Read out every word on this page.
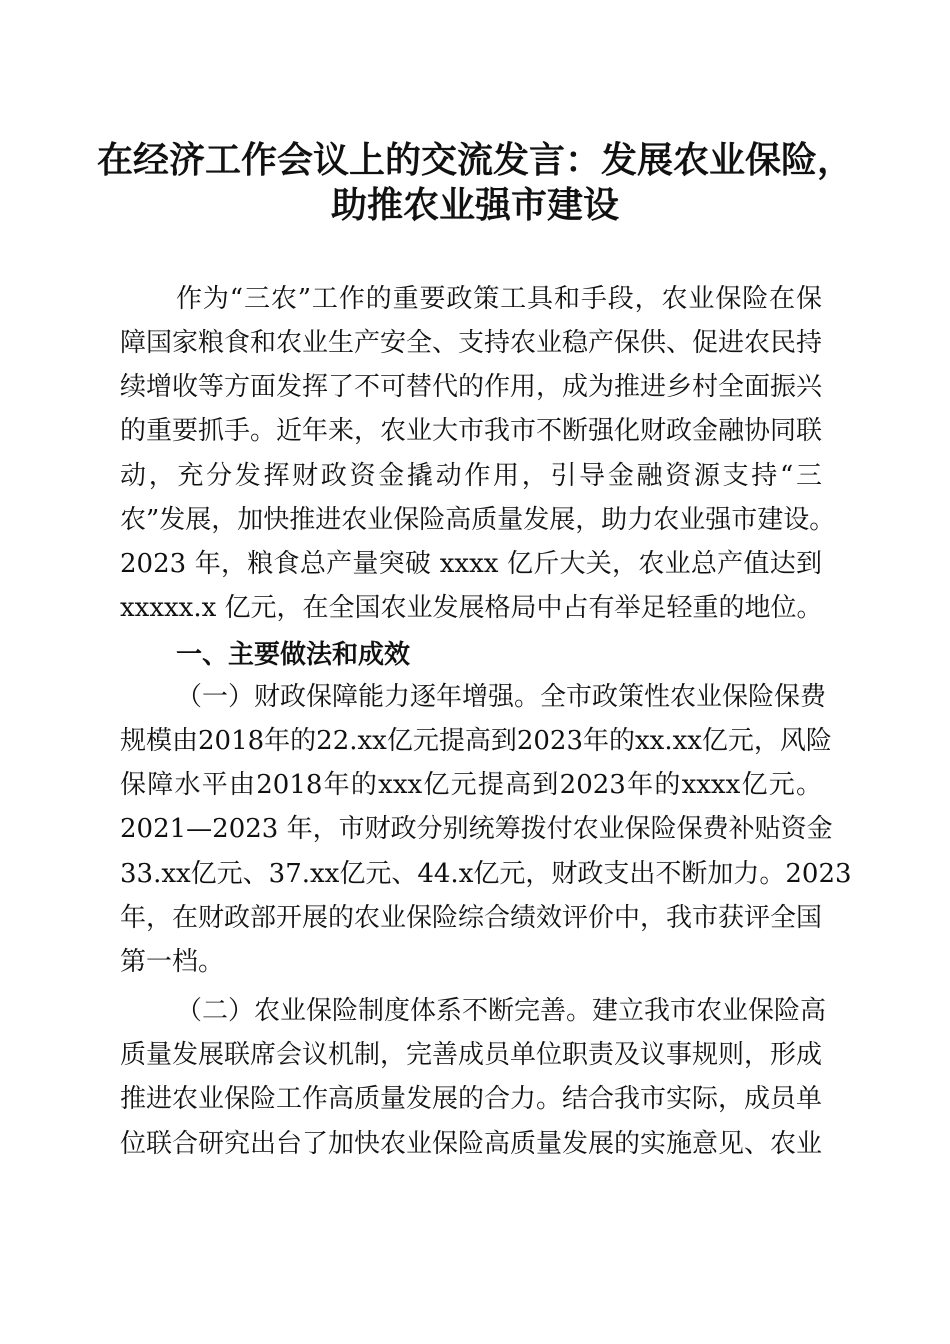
在经济工作会议上的交流发言：发展农业保险，
助推农业强市建设
作为“三农”工作的重要政策工具和手段，农业保险在保
障国家粮食和农业生产安全、支持农业稳产保供、促进农民持
续增收等方面发挥了不可替代的作用，成为推进乡村全面振兴
的重要抓手。近年来，农业大市我市不断强化财政金融协同联
动，充分发挥财政资金撬动作用，引导金融资源支持“三
农”发展，加快推进农业保险高质量发展，助力农业强市建设。
2023 年，粮食总产量突破 xxxx 亿斤大关，农业总产值达到
xxxxx.x 亿元，在全国农业发展格局中占有举足轻重的地位。
一、主要做法和成效
（一）财政保障能力逐年增强。全市政策性农业保险保费
规模由2018年的22.xx亿元提高到2023年的xx.xx亿元，风险
保障水平由2018年的xxx亿元提高到2023年的xxxx亿元。
2021—2023 年，市财政分别统筹拨付农业保险保费补贴资金
33.xx亿元、37.xx亿元、44.x亿元，财政支出不断加力。2023
年，在财政部开展的农业保险综合绩效评价中，我市获评全国
第一档。
（二）农业保险制度体系不断完善。建立我市农业保险高
质量发展联席会议机制，完善成员单位职责及议事规则，形成
推进农业保险工作高质量发展的合力。结合我市实际，成员单
位联合研究出台了加快农业保险高质量发展的实施意见、农业
